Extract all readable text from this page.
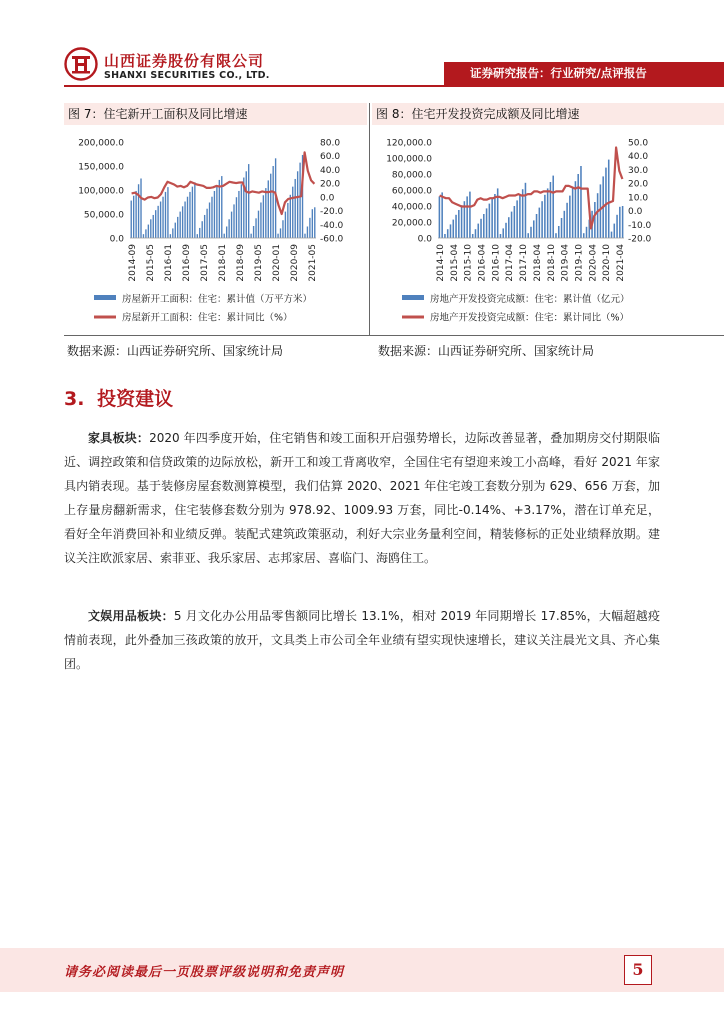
山西证券股份有限公司
SHANXI SECURITIES CO., LTD.	证券研究报告：行业研究/点评报告
图 7：住宅新开工面积及同比增速	图 8：住宅开发投资完成额及同比增速
200,000.0
150,000.0
100,000.0
50,000.0
0.0
80.0
60.0
40.0
20.0
0.0
-20.0
-40.0
-60.0
2014-09 2015-05 2016-01 2016-09 2017-05 2018-01 2018-09 2019-05 2020-01 2020-09 2021-05
房屋新开工面积：住宅：累计值（万平方米）
房屋新开工面积：住宅：累计同比（%）
120,000.0
100,000.0
80,000.0
60,000.0
40,000.0
20,000.0
0.0
50.0
40.0
30.0
20.0
10.0
0.0
-10.0
-20.0
2014-10 2015-04 2015-10 2016-04 2016-10 2017-04 2017-10 2018-04 2018-10 2019-04 2019-10 2020-04 2020-10 2021-04
房地产开发投资完成额：住宅：累计值（亿元）
房地产开发投资完成额：住宅：累计同比（%）
数据来源：山西证券研究所、国家统计局	数据来源：山西证券研究所、国家统计局
3. 投资建议
家具板块：2020 年四季度开始，住宅销售和竣工面积开启强势增长，边际改善显著，叠加期房交付期限临近、调控政策和信贷政策的边际放松，新开工和竣工背离收窄，全国住宅有望迎来竣工小高峰，看好 2021 年家具内销表现。基于装修房屋套数测算模型，我们估算 2020、2021 年住宅竣工套数分别为 629、656 万套，加上存量房翻新需求，住宅装修套数分别为 978.92、1009.93 万套，同比-0.14%、+3.17%，潜在订单充足，看好全年消费回补和业绩反弹。装配式建筑政策驱动，利好大宗业务量利空间，精装修标的正处业绩释放期。建议关注欧派家居、索菲亚、我乐家居、志邦家居、喜临门、海鸥住工。
文娱用品板块：5 月文化办公用品零售额同比增长 13.1%，相对 2019 年同期增长 17.85%，大幅超越疫情前表现，此外叠加三孩政策的放开，文具类上市公司全年业绩有望实现快速增长，建议关注晨光文具、齐心集团。
请务必阅读最后一页股票评级说明和免责声明	5
